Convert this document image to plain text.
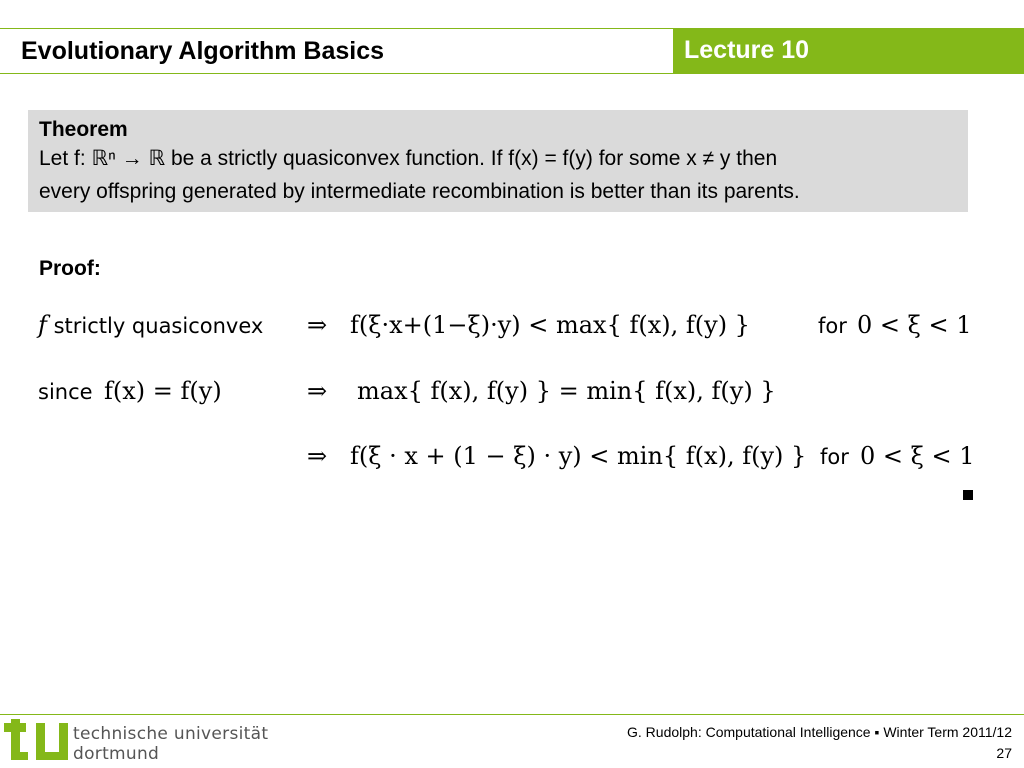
Evolutionary Algorithm Basics	Lecture 10
Theorem
Let f: ℝⁿ → ℝ be a strictly quasiconvex function. If f(x) = f(y) for some x ≠ y then
every offspring generated by intermediate recombination is better than its parents.
Proof:
f strictly quasiconvex ⇒ f(ξ·x+(1−ξ)·y) < max{ f(x), f(y) }	for 0 < ξ < 1
since f(x) = f(y)	⇒ max{ f(x), f(y) } = min{ f(x), f(y) }
⇒ f(ξ · x + (1 − ξ) · y) < min{ f(x), f(y) } for 0 < ξ < 1
technische universität
dortmund
G. Rudolph: Computational Intelligence ▪ Winter Term 2011/12
27
